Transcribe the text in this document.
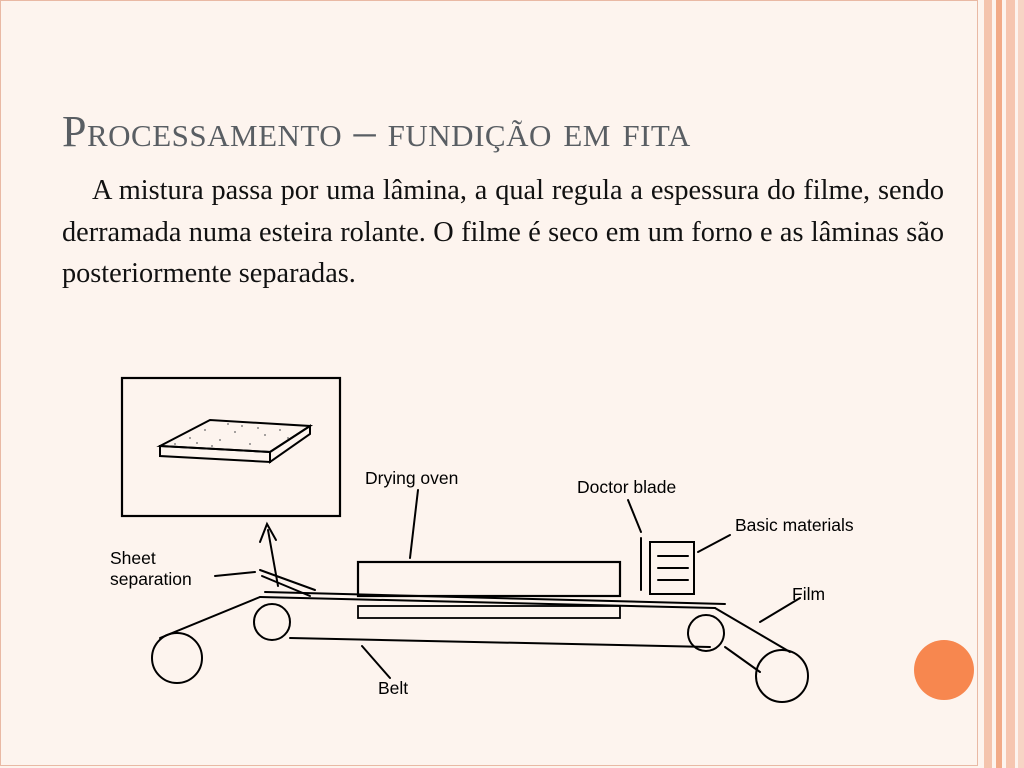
Processamento – fundição em fita

A mistura passa por uma lâmina, a qual regula a espessura do filme, sendo derramada numa esteira rolante. O filme é seco em um forno e as lâminas são posteriormente separadas.

Drying oven	Doctor blade
Basic materials
Sheet
separation
Film
Belt
